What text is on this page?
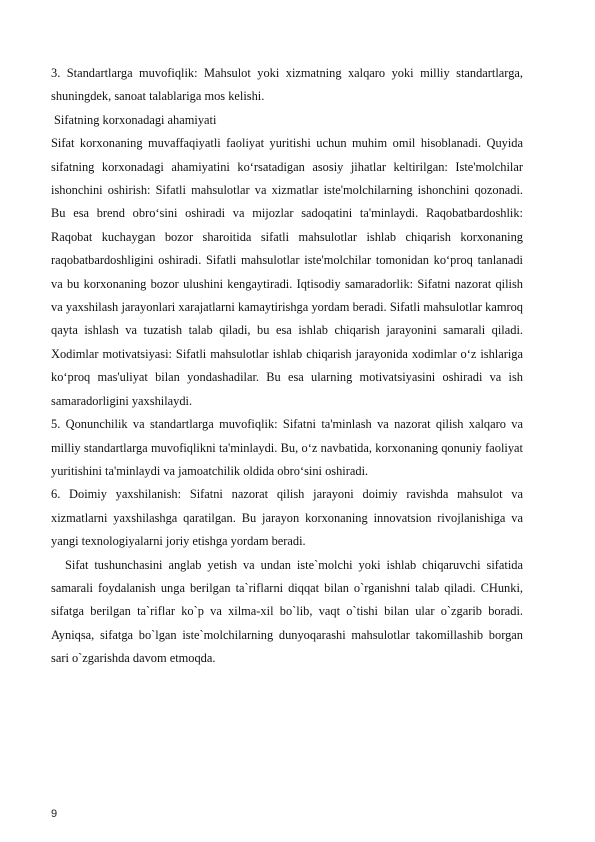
3. Standartlarga muvofiqlik: Mahsulot yoki xizmatning xalqaro yoki milliy standartlarga, shuningdek, sanoat talablariga mos kelishi.

Sifatning korxonadagi ahamiyati

Sifat korxonaning muvaffaqiyatli faoliyat yuritishi uchun muhim omil hisoblanadi. Quyida sifatning korxonadagi ahamiyatini ko‘rsatadigan asosiy jihatlar keltirilgan: Iste'molchilar ishonchini oshirish: Sifatli mahsulotlar va xizmatlar iste'molchilarning ishonchini qozonadi. Bu esa brend obro‘sini oshiradi va mijozlar sadoqatini ta'minlaydi. Raqobatbardoshlik: Raqobat kuchaygan bozor sharoitida sifatli mahsulotlar ishlab chiqarish korxonaning raqobatbardoshligini oshiradi. Sifatli mahsulotlar iste'molchilar tomonidan ko‘proq tanlanadi va bu korxonaning bozor ulushini kengaytiradi. Iqtisodiy samaradorlik: Sifatni nazorat qilish va yaxshilash jarayonlari xarajatlarni kamaytirishga yordam beradi. Sifatli mahsulotlar kamroq qayta ishlash va tuzatish talab qiladi, bu esa ishlab chiqarish jarayonini samarali qiladi. Xodimlar motivatsiyasi: Sifatli mahsulotlar ishlab chiqarish jarayonida xodimlar o‘z ishlariga ko‘proq mas'uliyat bilan yondashadilar. Bu esa ularning motivatsiyasini oshiradi va ish samaradorligini yaxshilaydi.

5. Qonunchilik va standartlarga muvofiqlik: Sifatni ta'minlash va nazorat qilish xalqaro va milliy standartlarga muvofiqlikni ta'minlaydi. Bu, o‘z navbatida, korxonaning qonuniy faoliyat yuritishini ta'minlaydi va jamoatchilik oldida obro‘sini oshiradi.

6. Doimiy yaxshilanish: Sifatni nazorat qilish jarayoni doimiy ravishda mahsulot va xizmatlarni yaxshilashga qaratilgan. Bu jarayon korxonaning innovatsion rivojlanishiga va yangi texnologiyalarni joriy etishga yordam beradi.

Sifat tushunchasini anglab yetish va undan iste`molchi yoki ishlab chiqaruvchi sifatida samarali foydalanish unga berilgan ta`riflarni diqqat bilan o`rganishni talab qiladi. CHunki, sifatga berilgan ta`riflar ko`p va xilma-xil bo`lib, vaqt o`tishi bilan ular o`zgarib boradi. Ayniqsa, sifatga bo`lgan iste`molchilarning dunyoqarashi mahsulotlar takomillashib borgan sari o`zgarishda davom etmoqda.

9
